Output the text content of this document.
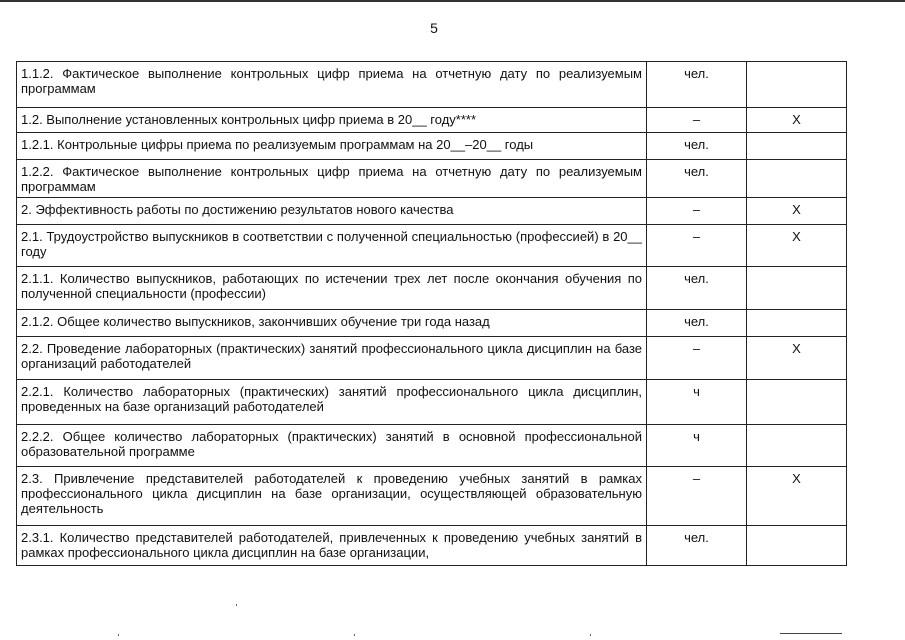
5
1.1.2. Фактическое выполнение контрольных цифр приема на отчетную дату по реализуемым программам	чел.	
1.2. Выполнение установленных контрольных цифр приема в 20__ году****	–	Х
1.2.1. Контрольные цифры приема по реализуемым программам на 20__–20__ годы	чел.	
1.2.2. Фактическое выполнение контрольных цифр приема на отчетную дату по реализуемым программам	чел.	
2. Эффективность работы по достижению результатов нового качества	–	Х
2.1. Трудоустройство выпускников в соответствии с полученной специальностью (профессией) в 20__ году	–	Х
2.1.1. Количество выпускников, работающих по истечении трех лет после окончания обучения по полученной специальности (профессии)	чел.	
2.1.2. Общее количество выпускников, закончивших обучение три года назад	чел.	
2.2. Проведение лабораторных (практических) занятий профессионального цикла дисциплин на базе организаций работодателей	–	Х
2.2.1. Количество лабораторных (практических) занятий профессионального цикла дисциплин, проведенных на базе организаций работодателей	ч	
2.2.2. Общее количество лабораторных (практических) занятий в основной профессиональной образовательной программе	ч	
2.3. Привлечение представителей работодателей к проведению учебных занятий в рамках профессионального цикла дисциплин на базе организации, осуществляющей образовательную деятельность	–	Х
2.3.1. Количество представителей работодателей, привлеченных к проведению учебных занятий в рамках профессионального цикла дисциплин на базе организации,	чел.	
